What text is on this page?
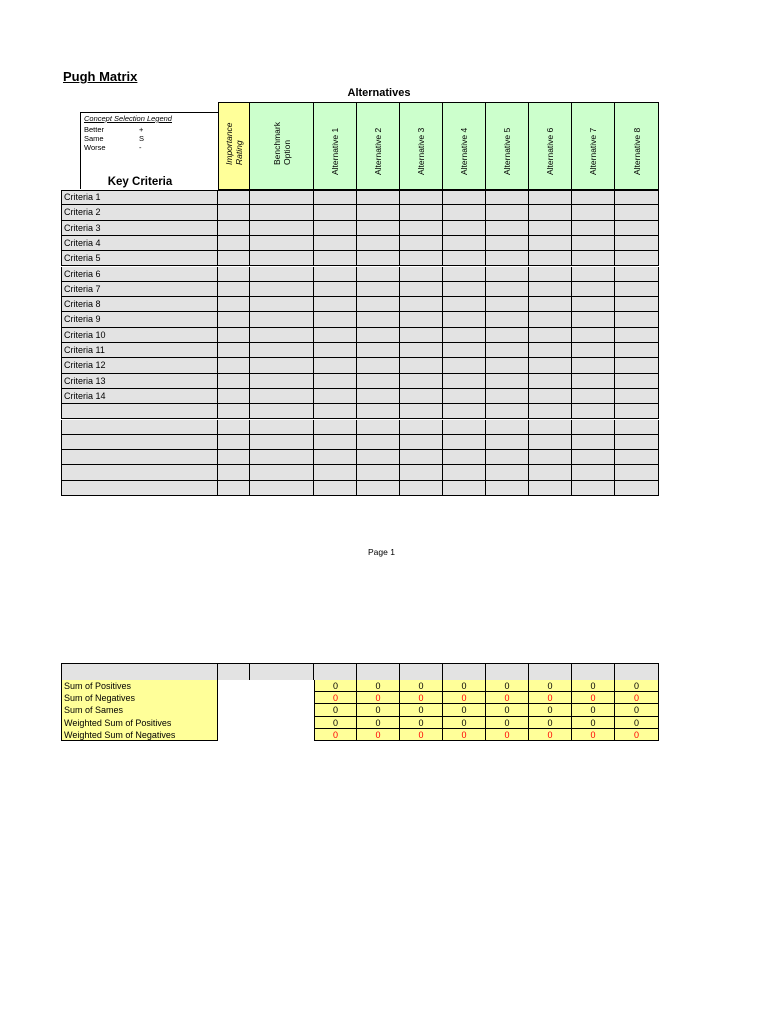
Pugh Matrix
Alternatives
Concept Selection Legend
Better	+
Same	S
Worse	-
Key Criteria
Importance Rating	Benchmark Option	Alternative 1	Alternative 2	Alternative 3	Alternative 4	Alternative 5	Alternative 6	Alternative 7	Alternative 8
Criteria 1
Criteria 2
Criteria 3
Criteria 4
Criteria 5
Criteria 6
Criteria 7
Criteria 8
Criteria 9
Criteria 10
Criteria 11
Criteria 12
Criteria 13
Criteria 14
Page 1
Sum of Positives	0	0	0	0	0	0	0	0
Sum of Negatives	0	0	0	0	0	0	0	0
Sum of Sames	0	0	0	0	0	0	0	0
Weighted Sum of Positives	0	0	0	0	0	0	0	0
Weighted Sum of Negatives	0	0	0	0	0	0	0	0
